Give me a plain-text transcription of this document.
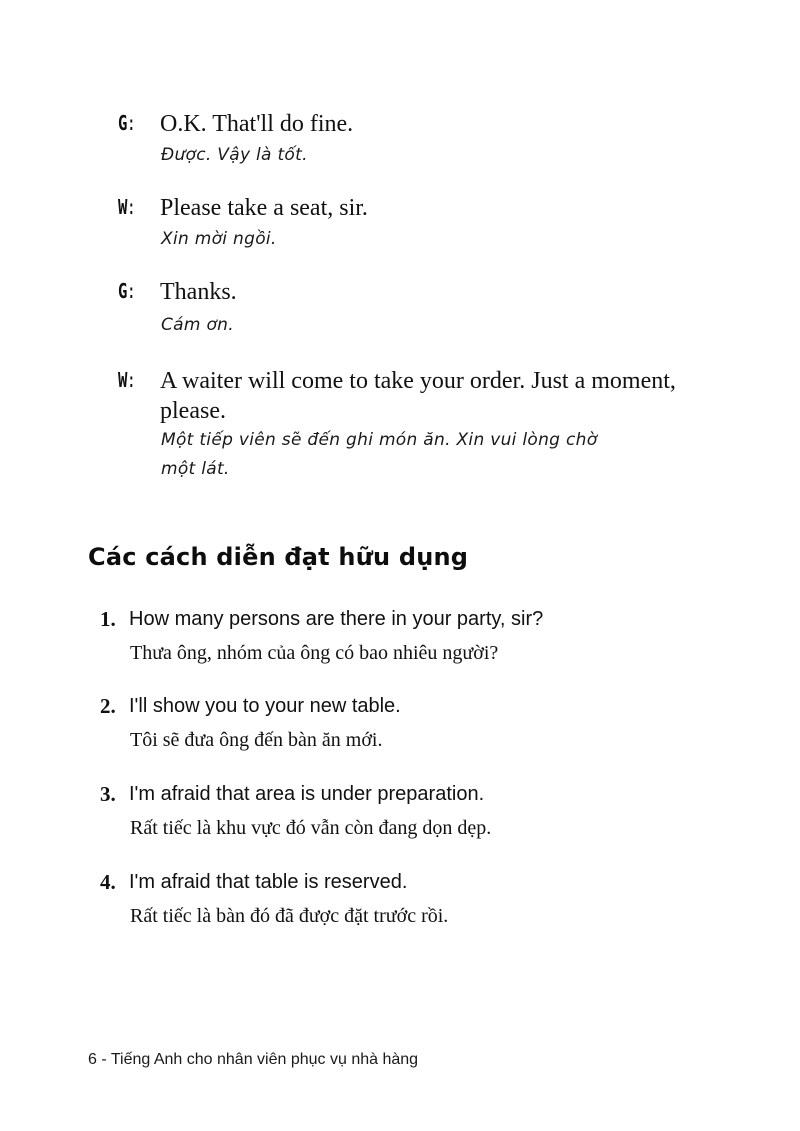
G: O.K. That'll do fine.
Được. Vậy là tốt.
W: Please take a seat, sir.
Xin mời ngồi.
G: Thanks.
Cám ơn.
W: A waiter will come to take your order. Just a moment,
please.
Một tiếp viên sẽ đến ghi món ăn. Xin vui lòng chờ
một lát.
Các cách diễn đạt hữu dụng
1. How many persons are there in your party, sir?
Thưa ông, nhóm của ông có bao nhiêu người?
2. I'll show you to your new table.
Tôi sẽ đưa ông đến bàn ăn mới.
3. I'm afraid that area is under preparation.
Rất tiếc là khu vực đó vẫn còn đang dọn dẹp.
4. I'm afraid that table is reserved.
Rất tiếc là bàn đó đã được đặt trước rồi.
6 - Tiếng Anh cho nhân viên phục vụ nhà hàng
